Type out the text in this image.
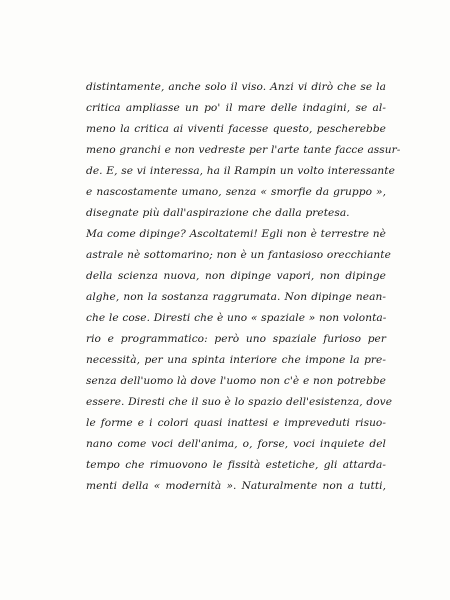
distintamente, anche solo il viso. Anzi vi dirò che se la
critica ampliasse un po' il mare delle indagini, se al-
meno la critica ai viventi facesse questo, pescherebbe
meno granchi e non vedreste per l'arte tante facce assur-
de. E, se vi interessa, ha il Rampin un volto interessante
e nascostamente umano, senza « smorfie da gruppo »,
disegnate più dall'aspirazione che dalla pretesa.
Ma come dipinge? Ascoltatemi! Egli non è terrestre nè
astrale nè sottomarino; non è un fantasioso orecchiante
della scienza nuova, non dipinge vapori, non dipinge
alghe, non la sostanza raggrumata. Non dipinge nean-
che le cose. Diresti che è uno « spaziale » non volonta-
rio e programmatico: però uno spaziale furioso per
necessità, per una spinta interiore che impone la pre-
senza dell'uomo là dove l'uomo non c'è e non potrebbe
essere. Diresti che il suo è lo spazio dell'esistenza, dove
le forme e i colori quasi inattesi e impreveduti risuo-
nano come voci dell'anima, o, forse, voci inquiete del
tempo che rimuovono le fissità estetiche, gli attarda-
menti della « modernità ». Naturalmente non a tutti,
